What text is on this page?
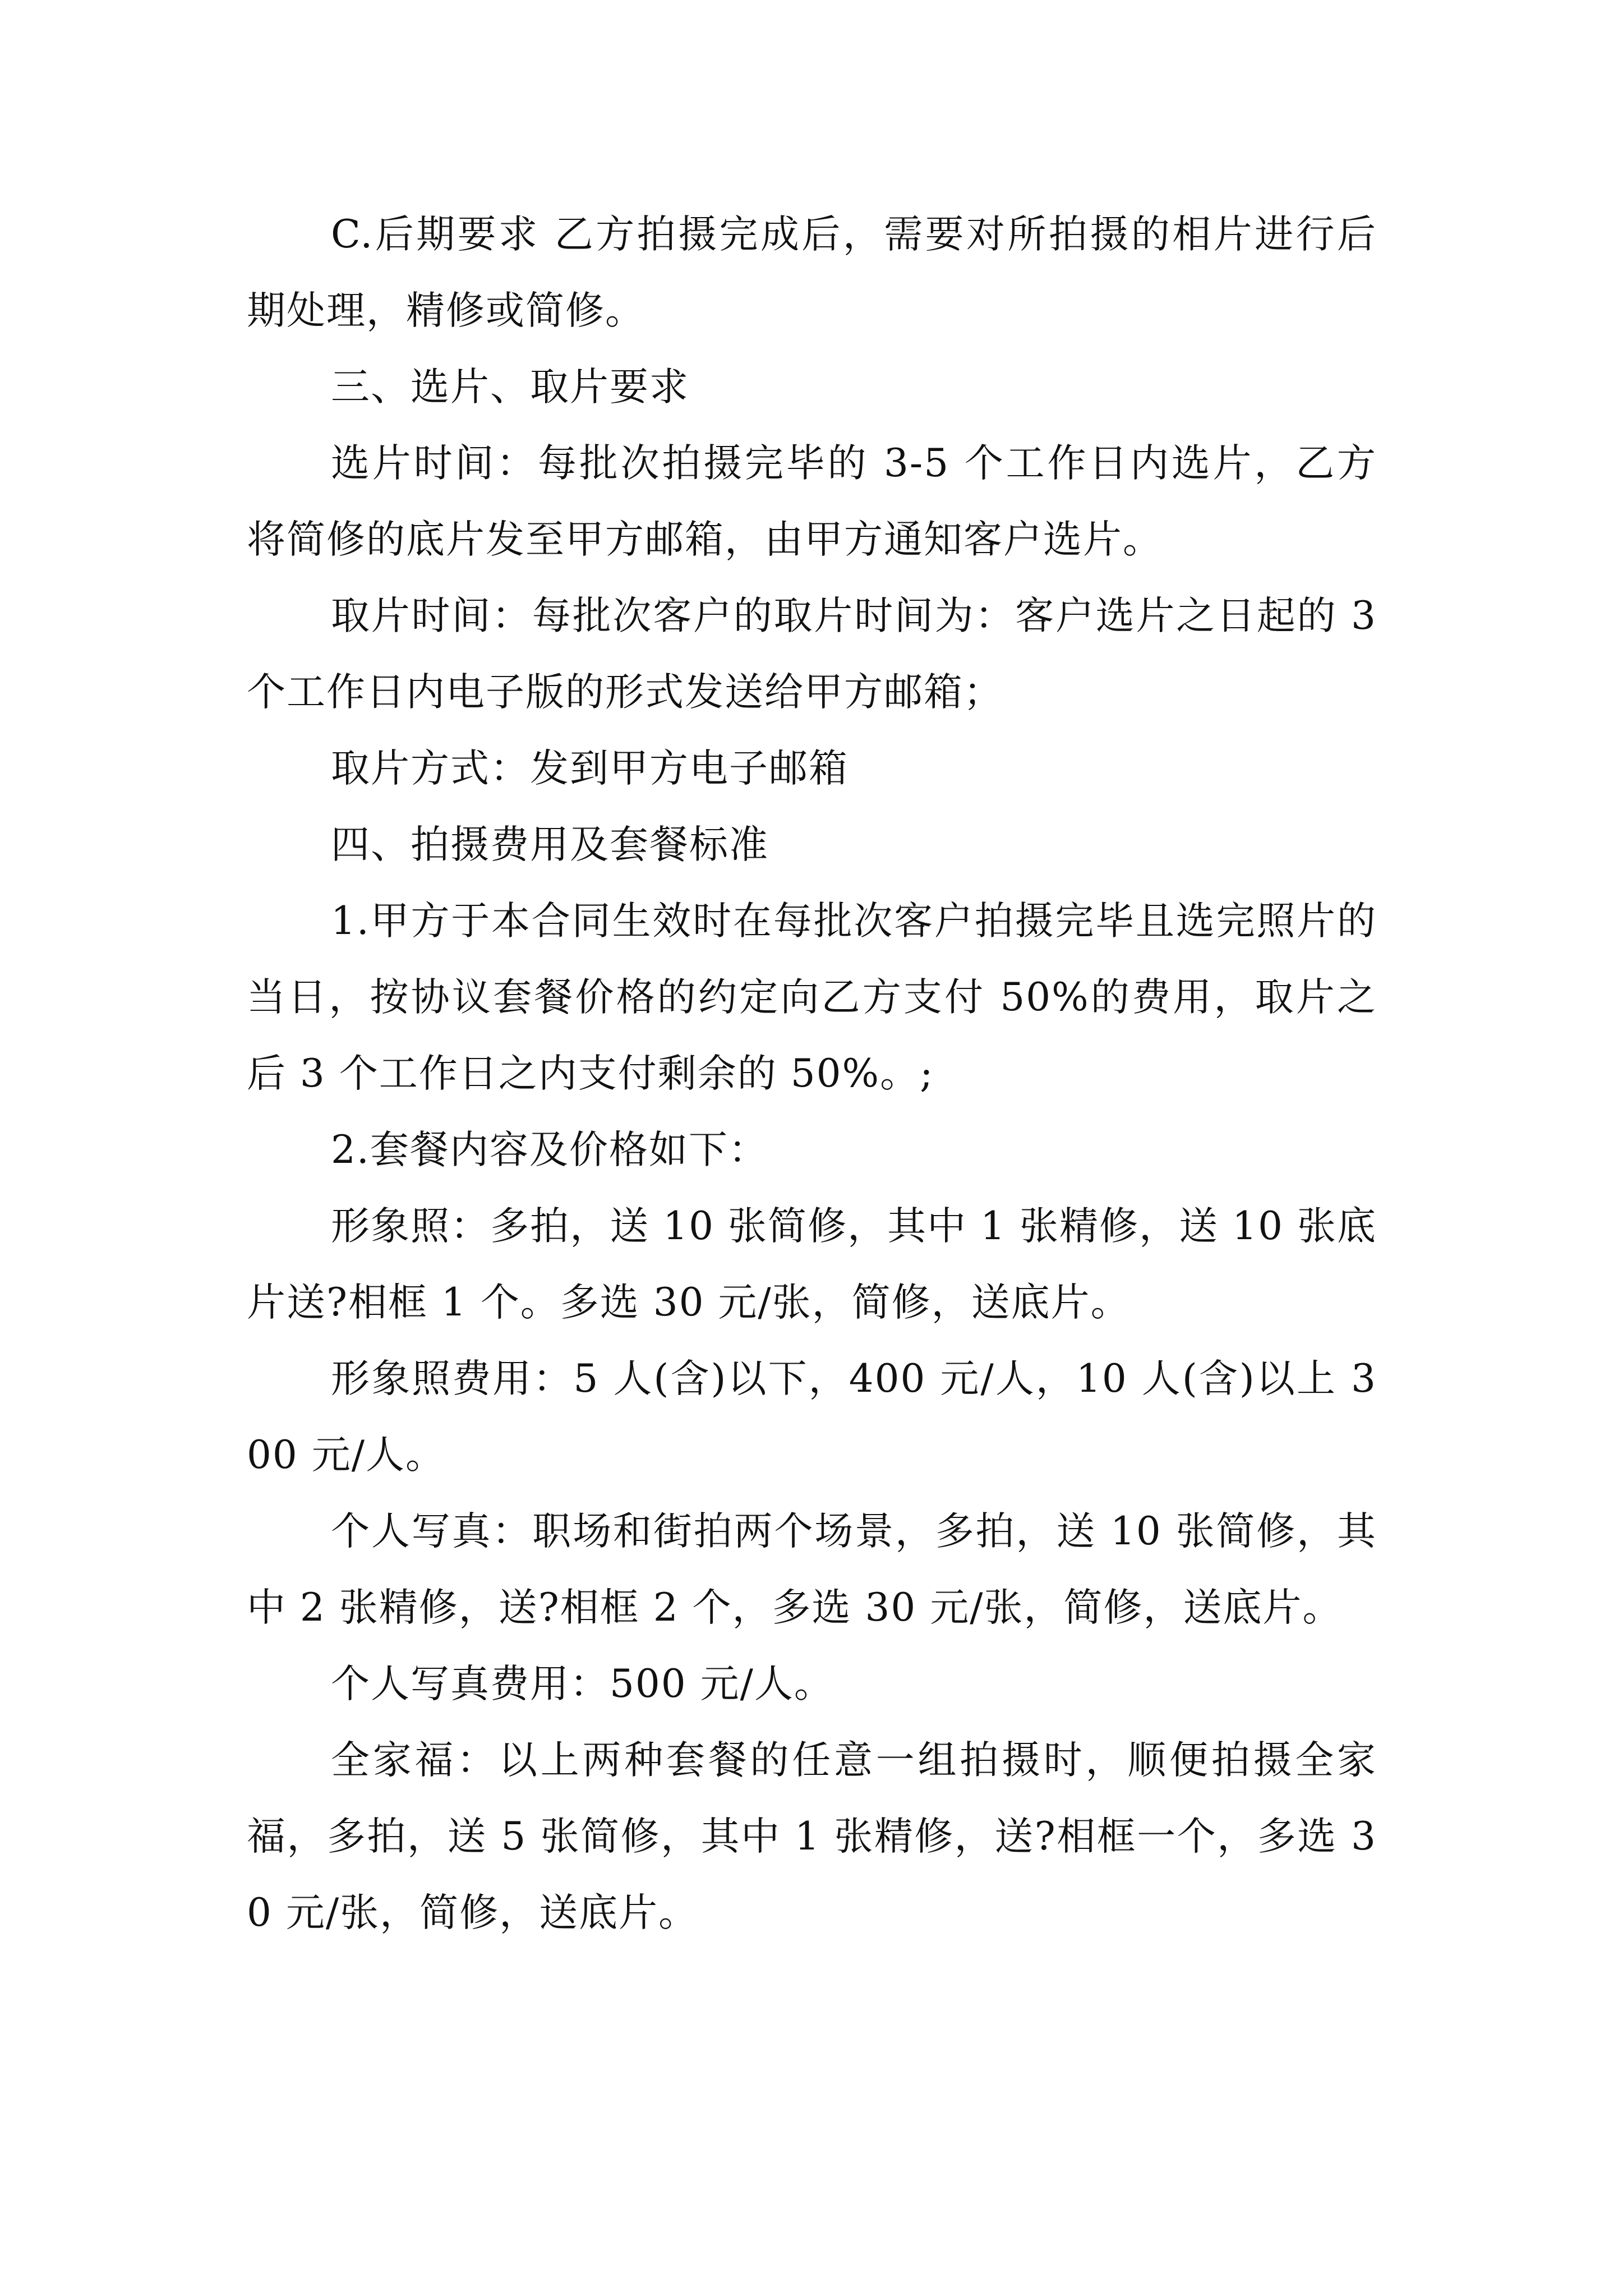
C.后期要求 乙方拍摄完成后，需要对所拍摄的相片进行后期处理，精修或简修。

三、选片、取片要求

选片时间：每批次拍摄完毕的 3-5 个工作日内选片，乙方将简修的底片发至甲方邮箱，由甲方通知客户选片。

取片时间：每批次客户的取片时间为：客户选片之日起的 3 个工作日内电子版的形式发送给甲方邮箱；

取片方式：发到甲方电子邮箱

四、拍摄费用及套餐标准

1.甲方于本合同生效时在每批次客户拍摄完毕且选完照片的当日，按协议套餐价格的约定向乙方支付 50%的费用，取片之后 3 个工作日之内支付剩余的 50%。;

2.套餐内容及价格如下：

形象照：多拍，送 10 张简修，其中 1 张精修，送 10 张底片送?相框 1 个。多选 30 元/张，简修，送底片。

形象照费用：5 人(含)以下，400 元/人，10 人(含)以上 300 元/人。

个人写真：职场和街拍两个场景，多拍，送 10 张简修，其中 2 张精修，送?相框 2 个，多选 30 元/张，简修，送底片。

个人写真费用：500 元/人。

全家福：以上两种套餐的任意一组拍摄时，顺便拍摄全家福，多拍，送 5 张简修，其中 1 张精修，送?相框一个，多选 30 元/张，简修，送底片。
